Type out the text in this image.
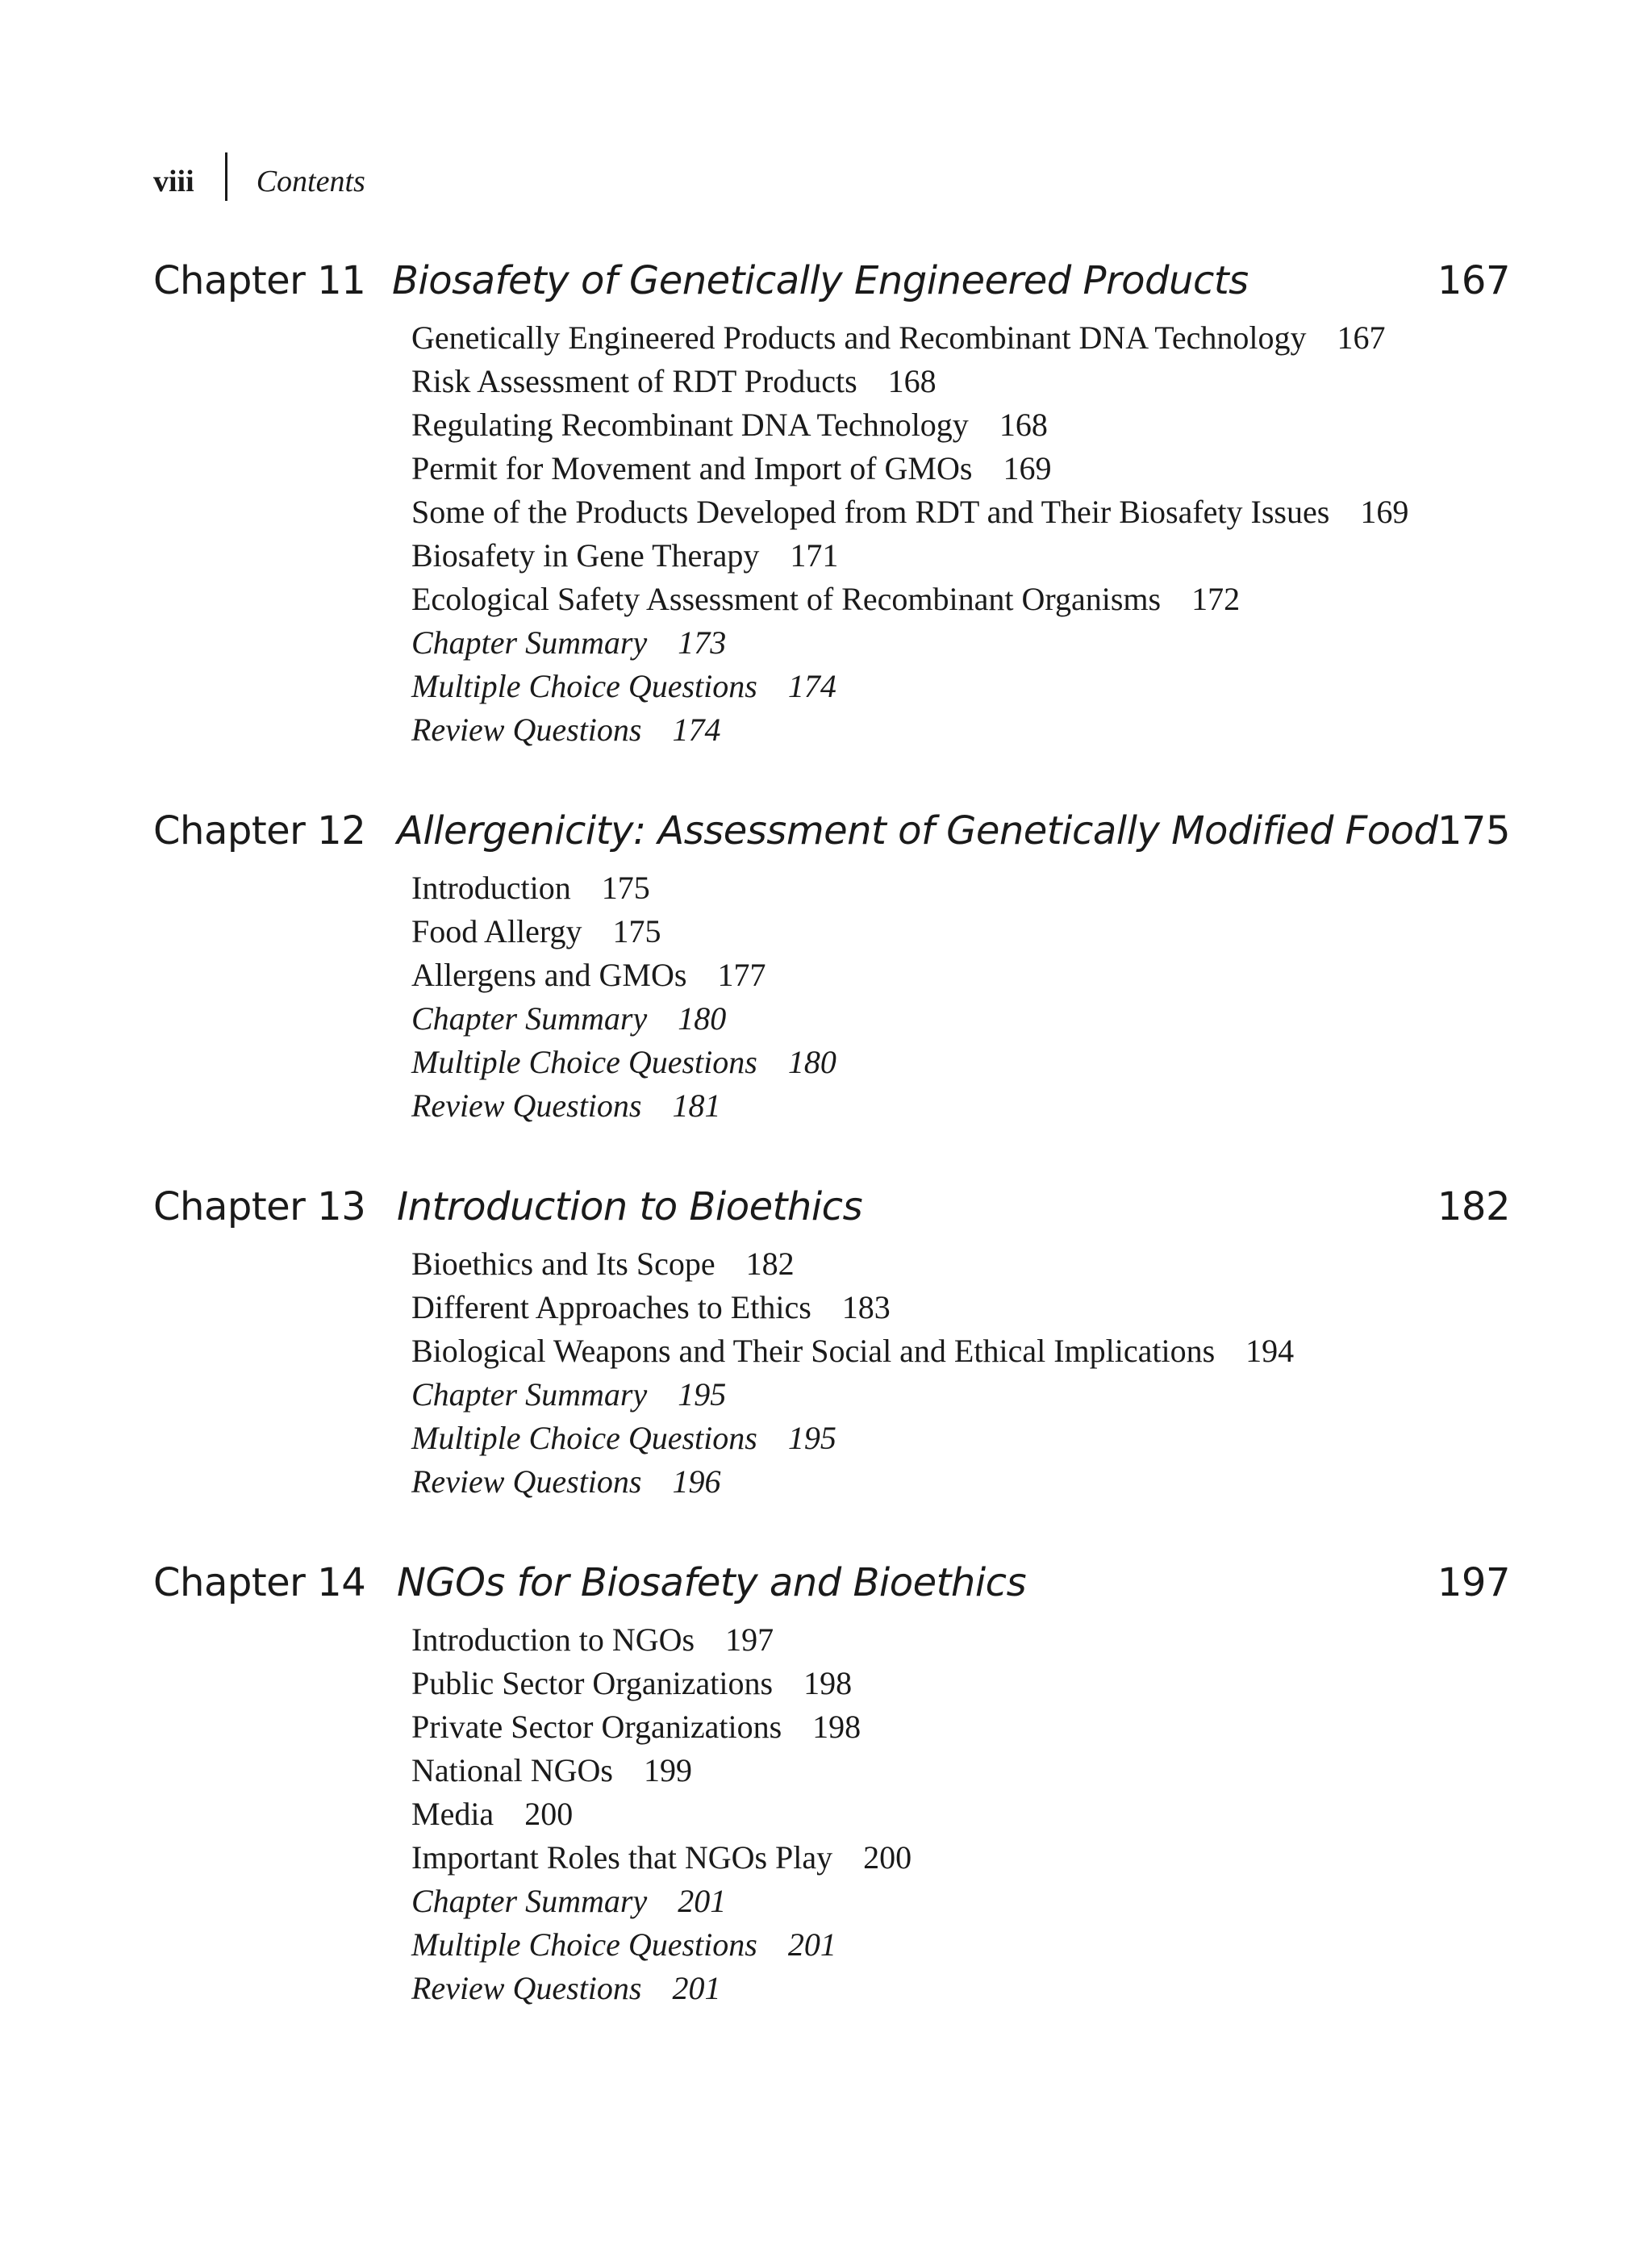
viii Contents
Chapter 11 Biosafety of Genetically Engineered Products	167
Genetically Engineered Products and Recombinant DNA Technology 167
Risk Assessment of RDT Products 168
Regulating Recombinant DNA Technology 168
Permit for Movement and Import of GMOs 169
Some of the Products Developed from RDT and Their Biosafety Issues 169
Biosafety in Gene Therapy 171
Ecological Safety Assessment of Recombinant Organisms 172
Chapter Summary 173
Multiple Choice Questions 174
Review Questions 174
Chapter 12 Allergenicity: Assessment of Genetically Modified Food 175
Introduction 175
Food Allergy 175
Allergens and GMOs 177
Chapter Summary 180
Multiple Choice Questions 180
Review Questions 181
Chapter 13 Introduction to Bioethics	182
Bioethics and Its Scope 182
Different Approaches to Ethics 183
Biological Weapons and Their Social and Ethical Implications 194
Chapter Summary 195
Multiple Choice Questions 195
Review Questions 196
Chapter 14 NGOs for Biosafety and Bioethics	197
Introduction to NGOs 197
Public Sector Organizations 198
Private Sector Organizations 198
National NGOs 199
Media 200
Important Roles that NGOs Play 200
Chapter Summary 201
Multiple Choice Questions 201
Review Questions 201
